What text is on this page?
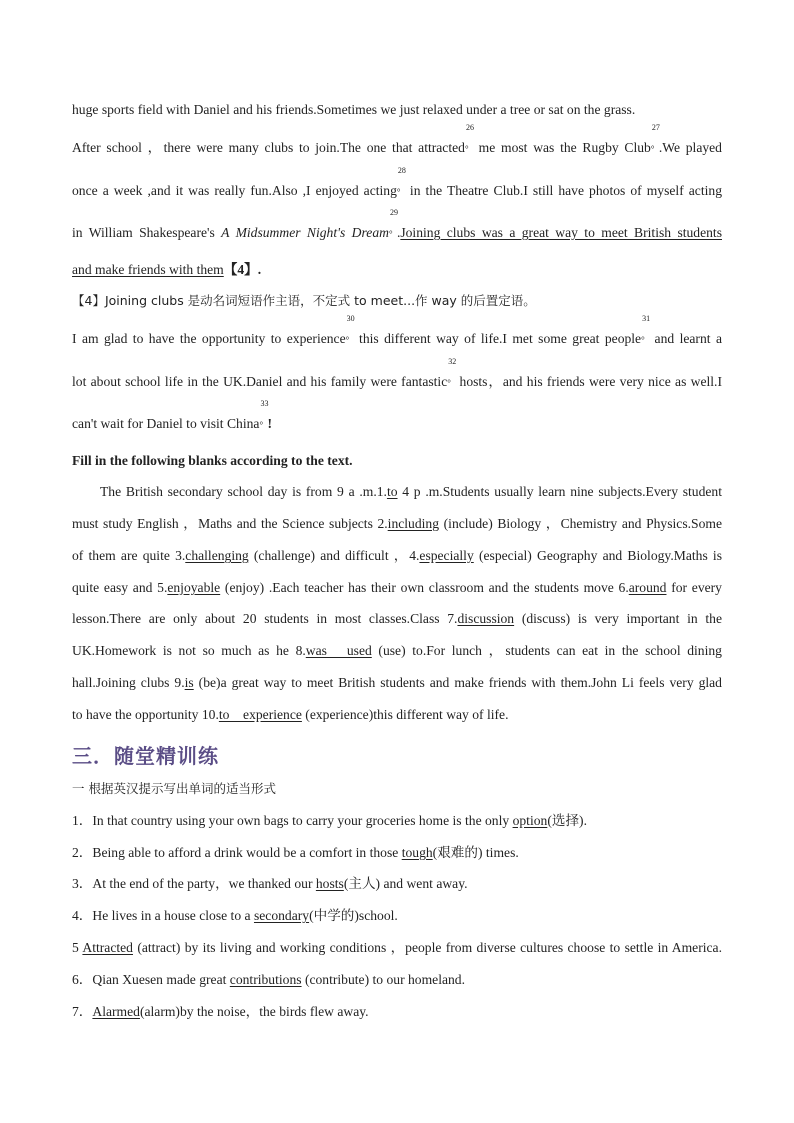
huge sports field with Daniel and his friends.Sometimes we just relaxed under a tree or sat on the grass.
After school ，there were many clubs to join.The one that attracted
26
° me most was the Rugby Club
27
° .We played
once a week ,and it was really fun.Also ,I enjoyed acting
28
° in the Theatre Club.I still have photos of myself acting
in William Shakespeare's A Midsummer Night's Dream
29
° .Joining clubs was a great way to meet British students
and make friends with them【4】.
【4】Joining clubs 是动名词短语作主语，不定式 to meet...作 way 的后置定语。
I am glad to have the opportunity to experience
30
° this different way of life.I met some great people
31
° and learnt a
lot about school life in the UK.Daniel and his family were fantastic
32
° hosts，and his friends were very nice as well.I
can't wait for Daniel to visit China
33
° !
Fill in the following blanks according to the text.
The British secondary school day is from 9 a .m.1.to 4 p .m.Students usually learn nine subjects.Every student
must study English ，Maths and the Science subjects 2.including (include) Biology ，Chemistry and Physics.Some
of them are quite 3.challenging (challenge) and difficult ，4.especially (especial) Geography and Biology.Maths is
quite easy and 5.enjoyable (enjoy) .Each teacher has their own classroom and the students move 6.around for every
lesson.There are only about 20 students in most classes.Class 7.discussion (discuss) is very important in the
UK.Homework is not so much as he 8.was   used (use) to.For lunch ，students can eat in the school dining
hall.Joining clubs 9.is (be)a great way to meet British students and make friends with them.John Li feels very glad
to have the opportunity 10.to    experience (experience)this different way of life.
三．随堂精训练
一 根据英汉提示写出单词的适当形式
1．In that country using your own bags to carry your groceries home is the only option(选择).
2．Being able to afford a drink would be a comfort in those tough(艰难的) times.
3．At the end of the party，we thanked our hosts(主人) and went away.
4．He lives in a house close to a secondary(中学的)school.
5 Attracted (attract) by its living and working conditions ，people from diverse cultures choose to settle in America.
6．Qian Xuesen made great contributions (contribute) to our homeland.
7．Alarmed(alarm)by the noise，the birds flew away.
